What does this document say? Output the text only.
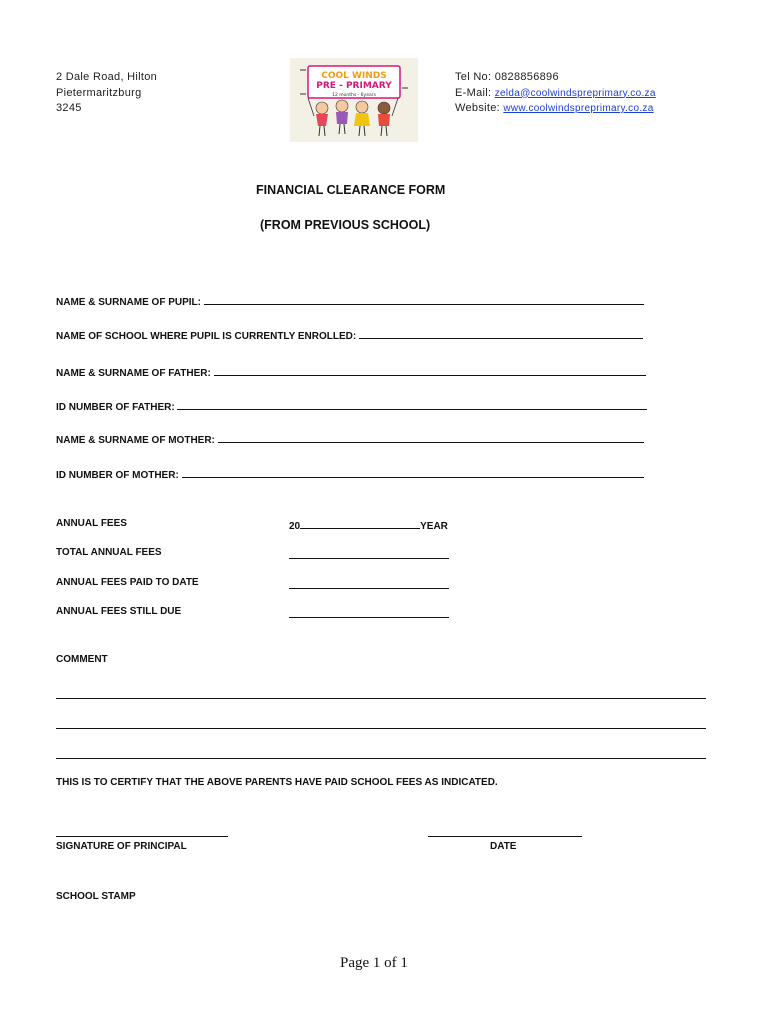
2 Dale Road, Hilton
Pietermaritzburg
3245
COOL WINDS
PRE - PRIMARY
12 months - 6years
Tel No: 0828856896
E-Mail: zelda@coolwindspreprimary.co.za
Website: www.coolwindspreprimary.co.za
FINANCIAL CLEARANCE FORM
(FROM PREVIOUS SCHOOL)
NAME & SURNAME OF PUPIL:
NAME OF SCHOOL WHERE PUPIL IS CURRENTLY ENROLLED:
NAME & SURNAME OF FATHER:
ID NUMBER OF FATHER:
NAME & SURNAME OF MOTHER:
ID NUMBER OF MOTHER:
ANNUAL FEES	20	YEAR
TOTAL ANNUAL FEES
ANNUAL FEES PAID TO DATE
ANNUAL FEES STILL DUE
COMMENT
THIS IS TO CERTIFY THAT THE ABOVE PARENTS HAVE PAID SCHOOL FEES AS INDICATED.
SIGNATURE OF PRINCIPAL	DATE
SCHOOL STAMP
Page 1 of 1
